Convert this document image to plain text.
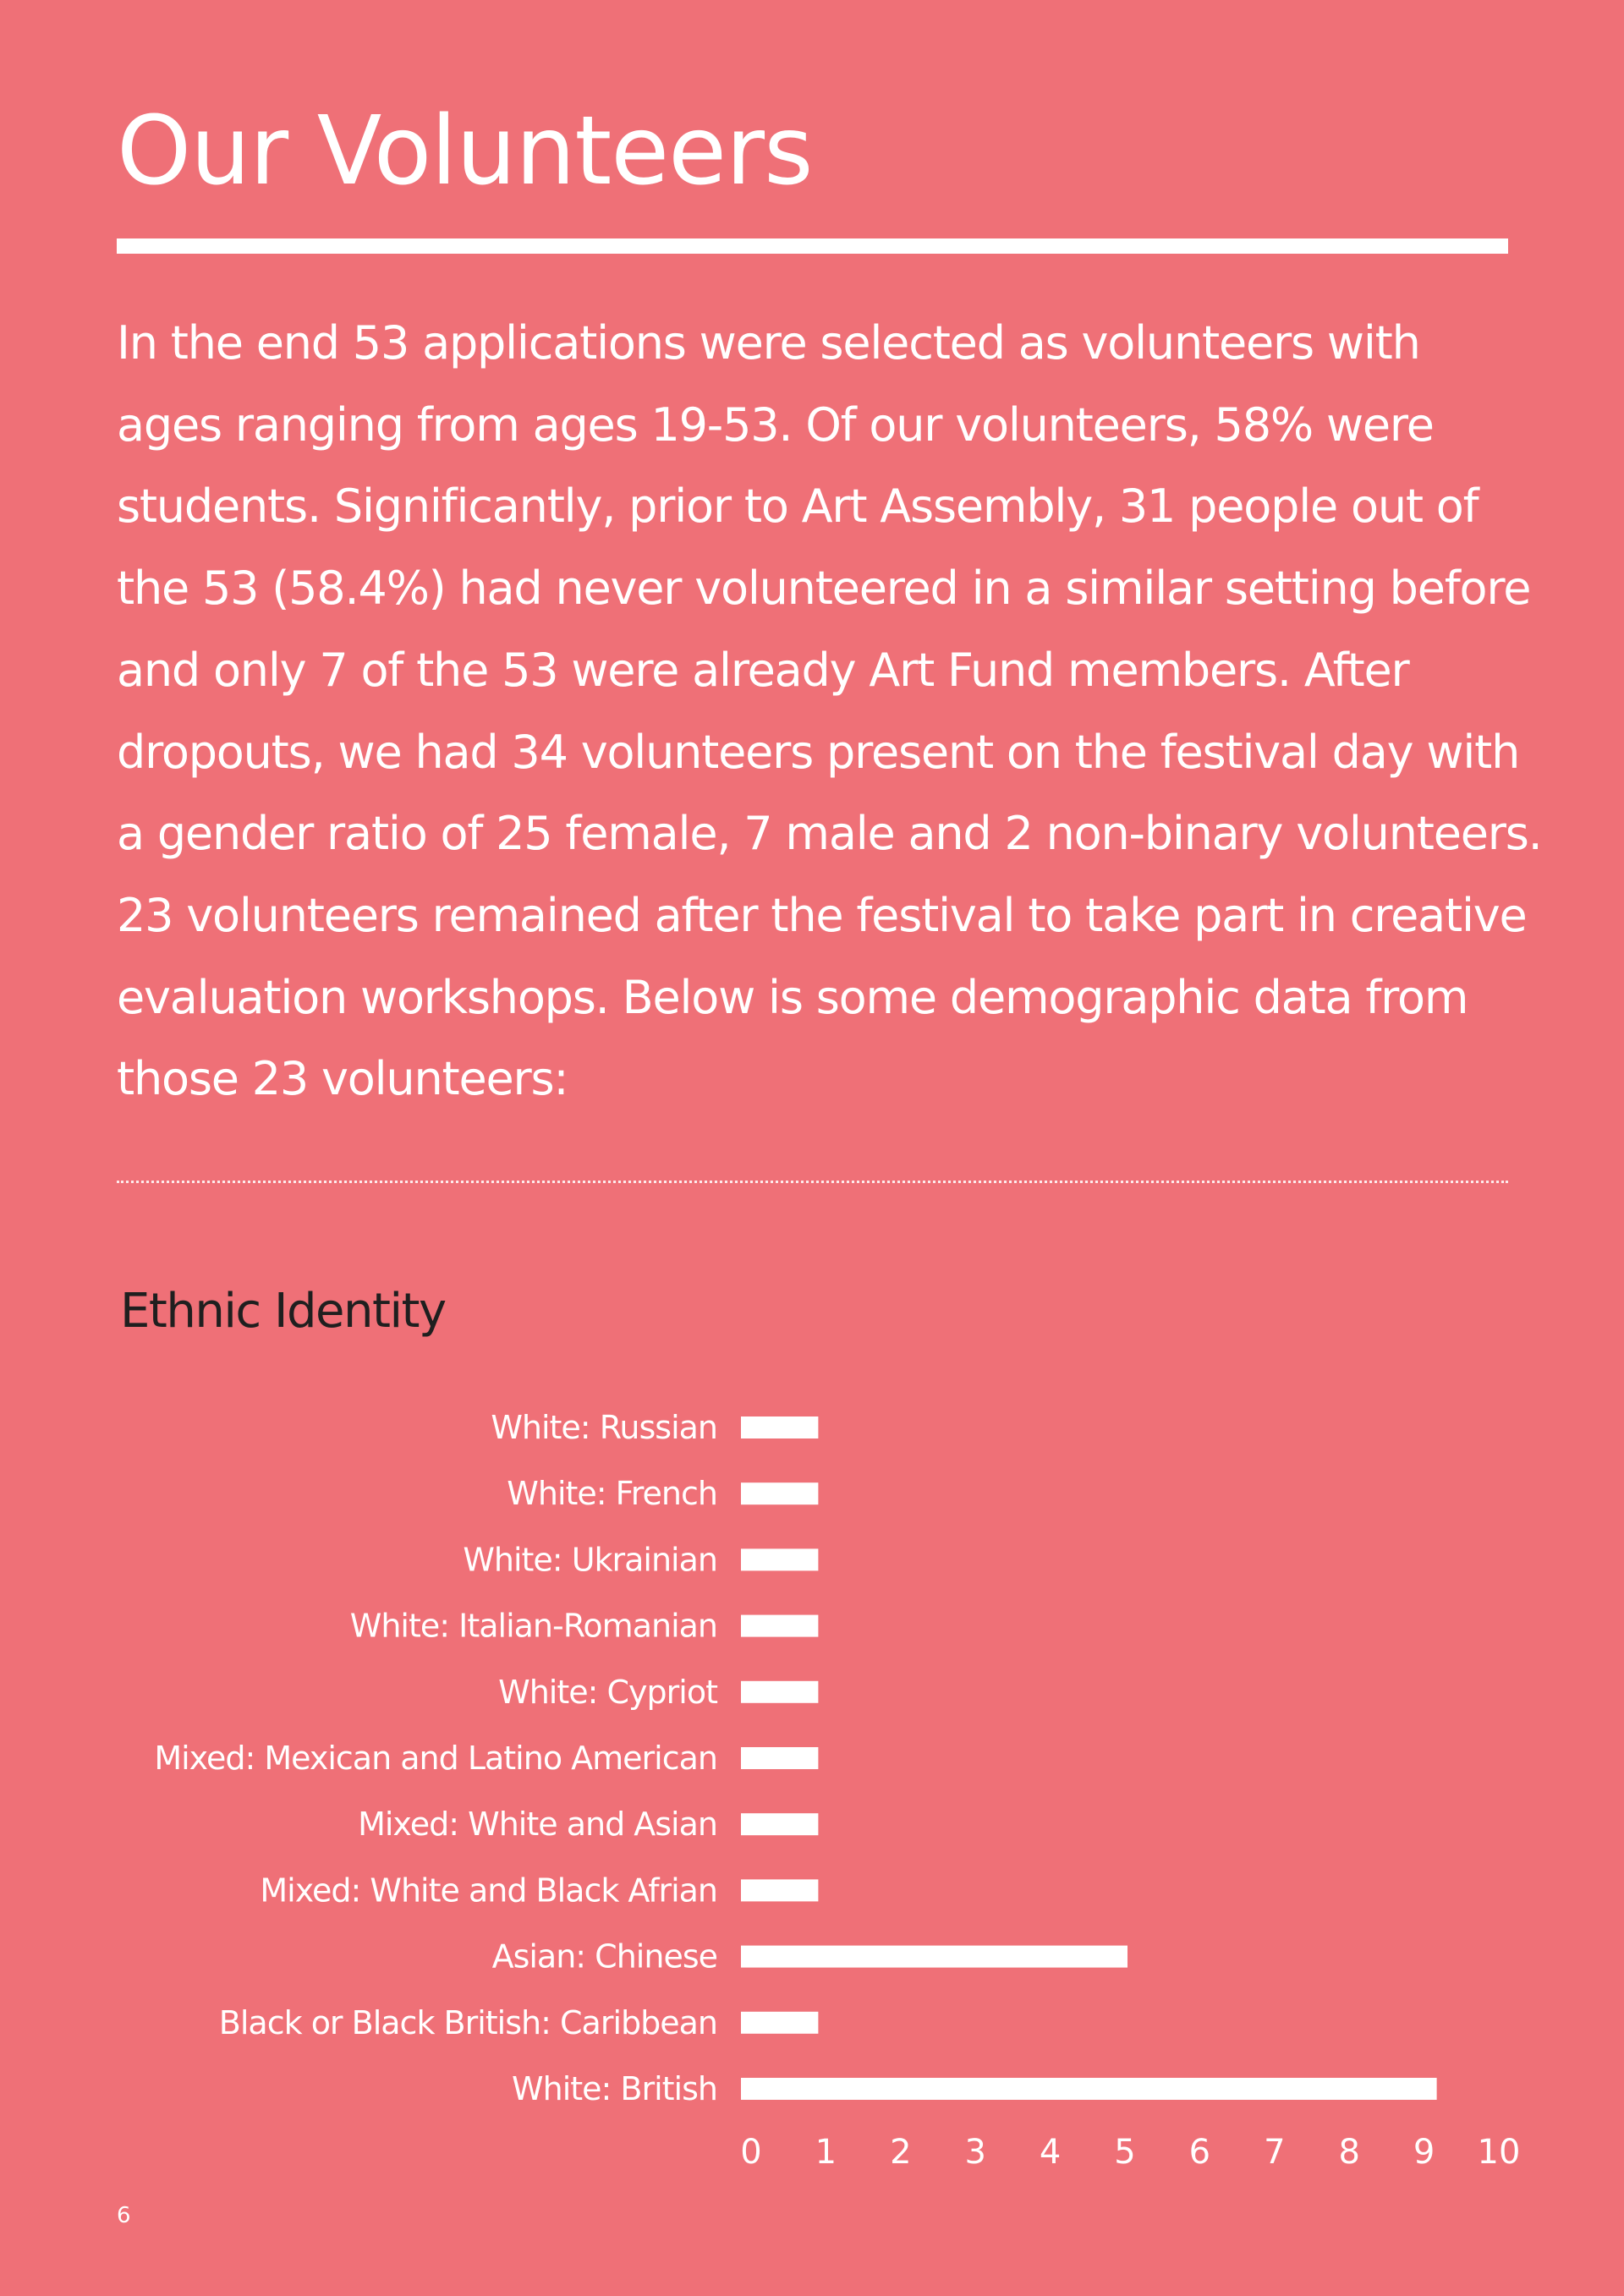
Our Volunteers

In the end 53 applications were selected as volunteers with
ages ranging from ages 19-53. Of our volunteers, 58% were
students. Significantly, prior to Art Assembly, 31 people out of
the 53 (58.4%) had never volunteered in a similar setting before
and only 7 of the 53 were already Art Fund members. After
dropouts, we had 34 volunteers present on the festival day with
a gender ratio of 25 female, 7 male and 2 non-binary volunteers.
23 volunteers remained after the festival to take part in creative
evaluation workshops. Below is some demographic data from
those 23 volunteers:

Ethnic Identity
White: Russian
White: French
White: Ukrainian
White: Italian-Romanian
White: Cypriot
Mixed: Mexican and Latino American
Mixed: White and Asian
Mixed: White and Black Afrian
Asian: Chinese
Black or Black British: Caribbean
White: British
0 1 2 3 4 5 6 7 8 9 10
6
